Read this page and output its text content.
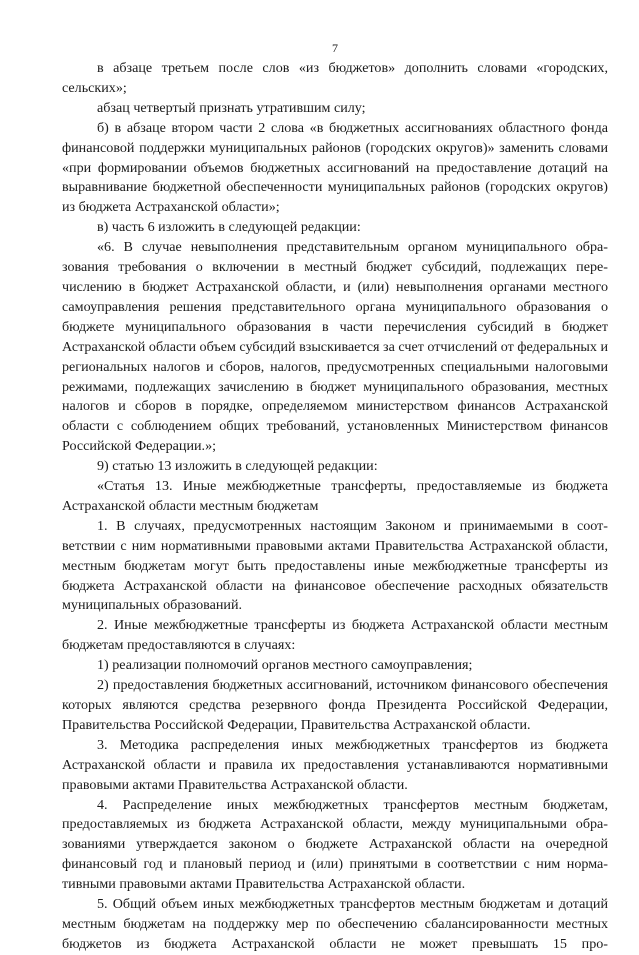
7

в абзаце третьем после слов «из бюджетов» дополнить словами «городских, сельских»;

абзац четвертый признать утратившим силу;

б) в абзаце втором части 2 слова «в бюджетных ассигнованиях областного фонда финансовой поддержки муниципальных районов (городских округов)» заменить словами «при формировании объемов бюджетных ассигнований на предоставление дотаций на выравнивание бюджетной обеспеченности муниципальных районов (городских округов) из бюджета Астраханской области»;

в) часть 6 изложить в следующей редакции:

«6. В случае невыполнения представительным органом муниципального образования требования о включении в местный бюджет субсидий, подлежащих перечислению в бюджет Астраханской области, и (или) невыполнения органами местного самоуправления решения представительного органа муниципального образования о бюджете муниципального образования в части перечисления субсидий в бюджет Астраханской области объем субсидий взыскивается за счет отчислений от федеральных и региональных налогов и сборов, налогов, предусмотренных специальными налоговыми режимами, подлежащих зачислению в бюджет муниципального образования, местных налогов и сборов в порядке, определяемом министерством финансов Астраханской области с соблюдением общих требований, установленных Министерством финансов Российской Федерации.»;

9) статью 13 изложить в следующей редакции:

«Статья 13. Иные межбюджетные трансферты, предоставляемые из бюджета Астраханской области местным бюджетам

1. В случаях, предусмотренных настоящим Законом и принимаемыми в соответствии с ним нормативными правовыми актами Правительства Астраханской области, местным бюджетам могут быть предоставлены иные межбюджетные трансферты из бюджета Астраханской области на финансовое обеспечение расходных обязательств муниципальных образований.

2. Иные межбюджетные трансферты из бюджета Астраханской области местным бюджетам предоставляются в случаях:

1) реализации полномочий органов местного самоуправления;

2) предоставления бюджетных ассигнований, источником финансового обеспечения которых являются средства резервного фонда Президента Российской Федерации, Правительства Российской Федерации, Правительства Астраханской области.

3. Методика распределения иных межбюджетных трансфертов из бюджета Астраханской области и правила их предоставления устанавливаются нормативными правовыми актами Правительства Астраханской области.

4. Распределение иных межбюджетных трансфертов местным бюджетам, предоставляемых из бюджета Астраханской области, между муниципальными образованиями утверждается законом о бюджете Астраханской области на очередной финансовый год и плановый период и (или) принятыми в соответствии с ним нормативными правовыми актами Правительства Астраханской области.

5. Общий объем иных межбюджетных трансфертов местным бюджетам и дотаций местным бюджетам на поддержку мер по обеспечению сбалансированности местных бюджетов из бюджета Астраханской области не может превышать 15 про-
